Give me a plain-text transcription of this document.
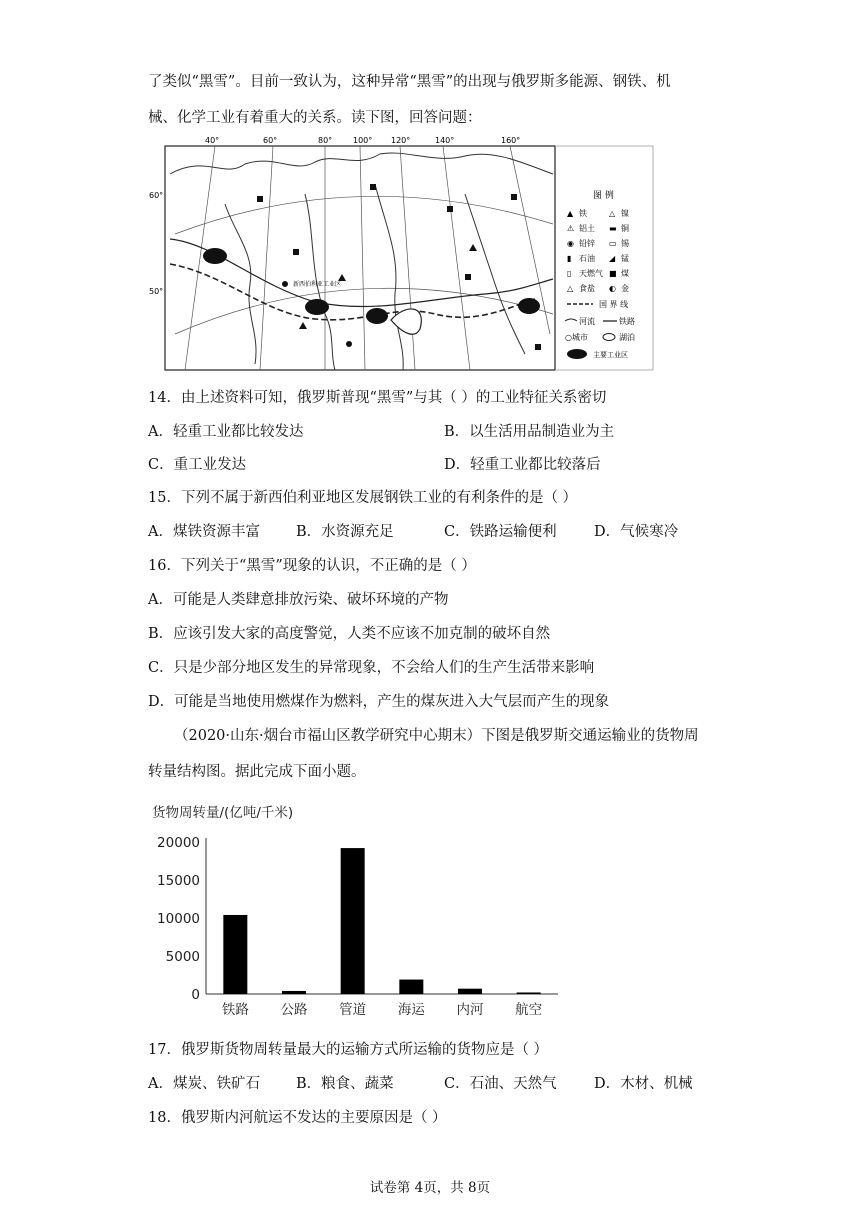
了类似“黑雪”。目前一致认为，这种异常“黑雪”的出现与俄罗斯多能源、钢铁、机
械、化学工业有着重大的关系。读下图，回答问题：
40°	60°	80°	100° 120°	140°	160°
60°
50°
新西伯利亚工业区
图 例
▲ 铁	△ 镍
⚠ 铝土 ▬ 铜
◉ 铅锌 ▭ 锡
▮ 石油 ◢ 锰
▯ 天燃气 ■ 煤
△ 食盐 ◐ 金
国 界 线
河流	铁路
○城市	湖泊
主要工业区
14．由上述资料可知，俄罗斯普现“黑雪”与其（ ）的工业特征关系密切
A．轻重工业都比较发达	B．以生活用品制造业为主
C．重工业发达	D．轻重工业都比较落后
15．下列不属于新西伯利亚地区发展钢铁工业的有利条件的是（ ）
A．煤铁资源丰富 B．水资源充足	C．铁路运输便利	D．气候寒冷
16．下列关于“黑雪”现象的认识，不正确的是（ ）
A．可能是人类肆意排放污染、破坏环境的产物
B．应该引发大家的高度警觉，人类不应该不加克制的破坏自然
C．只是少部分地区发生的异常现象，不会给人们的生产生活带来影响
D．可能是当地使用燃煤作为燃料，产生的煤灰进入大气层而产生的现象
（2020·山东·烟台市福山区教学研究中心期末）下图是俄罗斯交通运输业的货物周
转量结构图。据此完成下面小题。
货物周转量/(亿吨/千米)
0
5000
10000
15000
20000
铁路 公路 管道 海运 内河 航空
17．俄罗斯货物周转量最大的运输方式所运输的货物应是（ ）
A．煤炭、铁矿石 B．粮食、蔬菜	C．石油、天然气	D．木材、机械
18．俄罗斯内河航运不发达的主要原因是（ ）
试卷第 4页，共 8页
